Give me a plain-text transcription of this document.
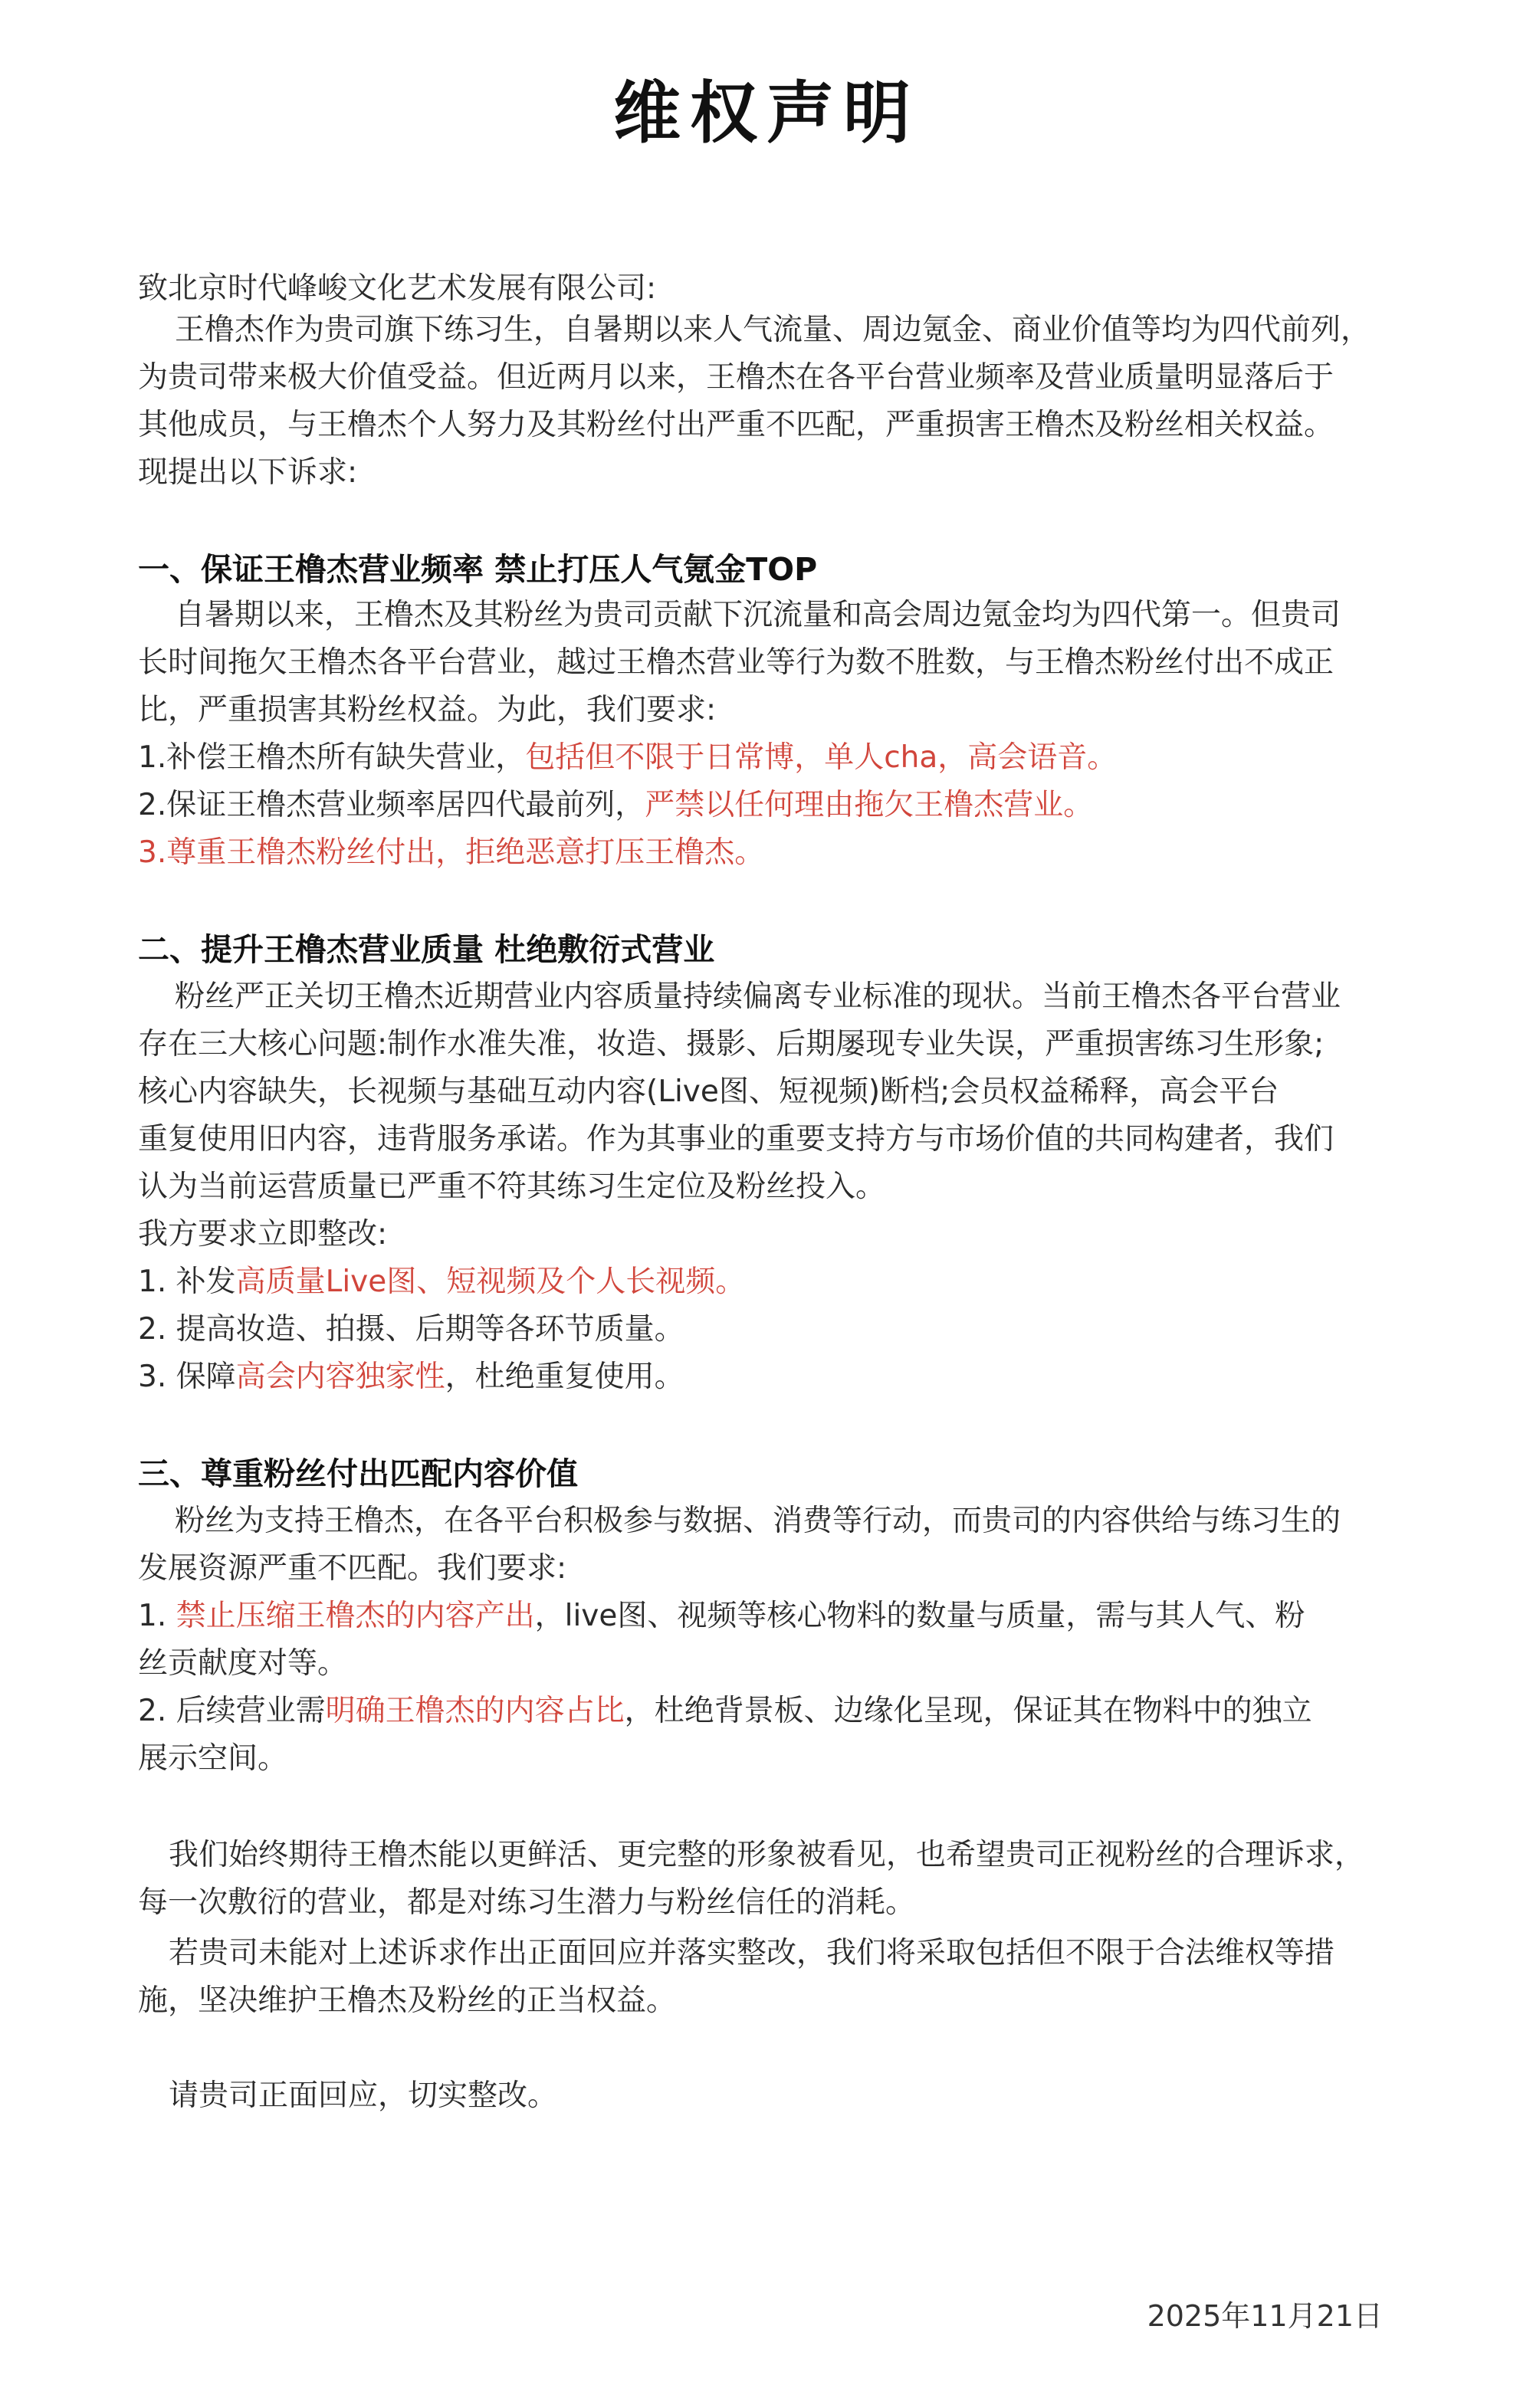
维权声明
致北京时代峰峻文化艺术发展有限公司:
王橹杰作为贵司旗下练习生，自暑期以来人气流量、周边氪金、商业价值等均为四代前列，
为贵司带来极大价值受益。但近两月以来，王橹杰在各平台营业频率及营业质量明显落后于
其他成员，与王橹杰个人努力及其粉丝付出严重不匹配，严重损害王橹杰及粉丝相关权益。
现提出以下诉求:
一、保证王橹杰营业频率 禁止打压人气氪金TOP
自暑期以来，王橹杰及其粉丝为贵司贡献下沉流量和高会周边氪金均为四代第一。但贵司
长时间拖欠王橹杰各平台营业，越过王橹杰营业等行为数不胜数，与王橹杰粉丝付出不成正
比，严重损害其粉丝权益。为此，我们要求:
1.补偿王橹杰所有缺失营业，包括但不限于日常博，单人cha，高会语音。
2.保证王橹杰营业频率居四代最前列，严禁以任何理由拖欠王橹杰营业。
3.尊重王橹杰粉丝付出，拒绝恶意打压王橹杰。
二、提升王橹杰营业质量 杜绝敷衍式营业
粉丝严正关切王橹杰近期营业内容质量持续偏离专业标准的现状。当前王橹杰各平台营业
存在三大核心问题:制作水准失准，妆造、摄影、后期屡现专业失误，严重损害练习生形象;
核心内容缺失，长视频与基础互动内容(Live图、短视频)断档;会员权益稀释，高会平台
重复使用旧内容，违背服务承诺。作为其事业的重要支持方与市场价值的共同构建者，我们
认为当前运营质量已严重不符其练习生定位及粉丝投入。
我方要求立即整改:
1. 补发高质量Live图、短视频及个人长视频。
2. 提高妆造、拍摄、后期等各环节质量。
3. 保障高会内容独家性，杜绝重复使用。
三、尊重粉丝付出匹配内容价值
粉丝为支持王橹杰，在各平台积极参与数据、消费等行动，而贵司的内容供给与练习生的
发展资源严重不匹配。我们要求:
1. 禁止压缩王橹杰的内容产出，live图、视频等核心物料的数量与质量，需与其人气、粉
丝贡献度对等。
2. 后续营业需明确王橹杰的内容占比，杜绝背景板、边缘化呈现，保证其在物料中的独立
展示空间。
我们始终期待王橹杰能以更鲜活、更完整的形象被看见，也希望贵司正视粉丝的合理诉求，
每一次敷衍的营业，都是对练习生潜力与粉丝信任的消耗。
若贵司未能对上述诉求作出正面回应并落实整改，我们将采取包括但不限于合法维权等措
施，坚决维护王橹杰及粉丝的正当权益。
请贵司正面回应，切实整改。
2025年11月21日
